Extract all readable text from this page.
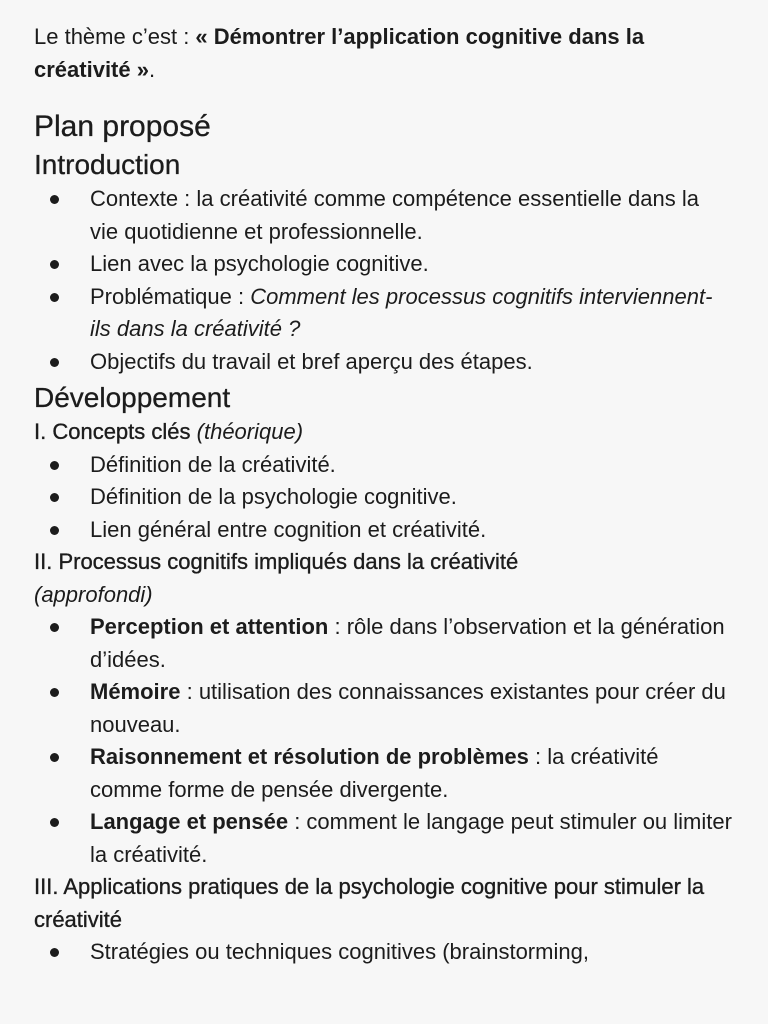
Le thème c’est : « Démontrer l’application cognitive dans la créativité ».

Plan proposé
Introduction
Contexte : la créativité comme compétence essentielle dans la vie quotidienne et professionnelle.
Lien avec la psychologie cognitive.
Problématique : Comment les processus cognitifs interviennent-ils dans la créativité ?
Objectifs du travail et bref aperçu des étapes.
Développement

I. Concepts clés (théorique)

Définition de la créativité.
Définition de la psychologie cognitive.
Lien général entre cognition et créativité.

II. Processus cognitifs impliqués dans la créativité
(approfondi)

Perception et attention : rôle dans l’observation et la génération d’idées.
Mémoire : utilisation des connaissances existantes pour créer du nouveau.
Raisonnement et résolution de problèmes : la créativité comme forme de pensée divergente.
Langage et pensée : comment le langage peut stimuler ou limiter la créativité.

III. Applications pratiques de la psychologie cognitive pour stimuler la créativité

Stratégies ou techniques cognitives (brainstorming,
